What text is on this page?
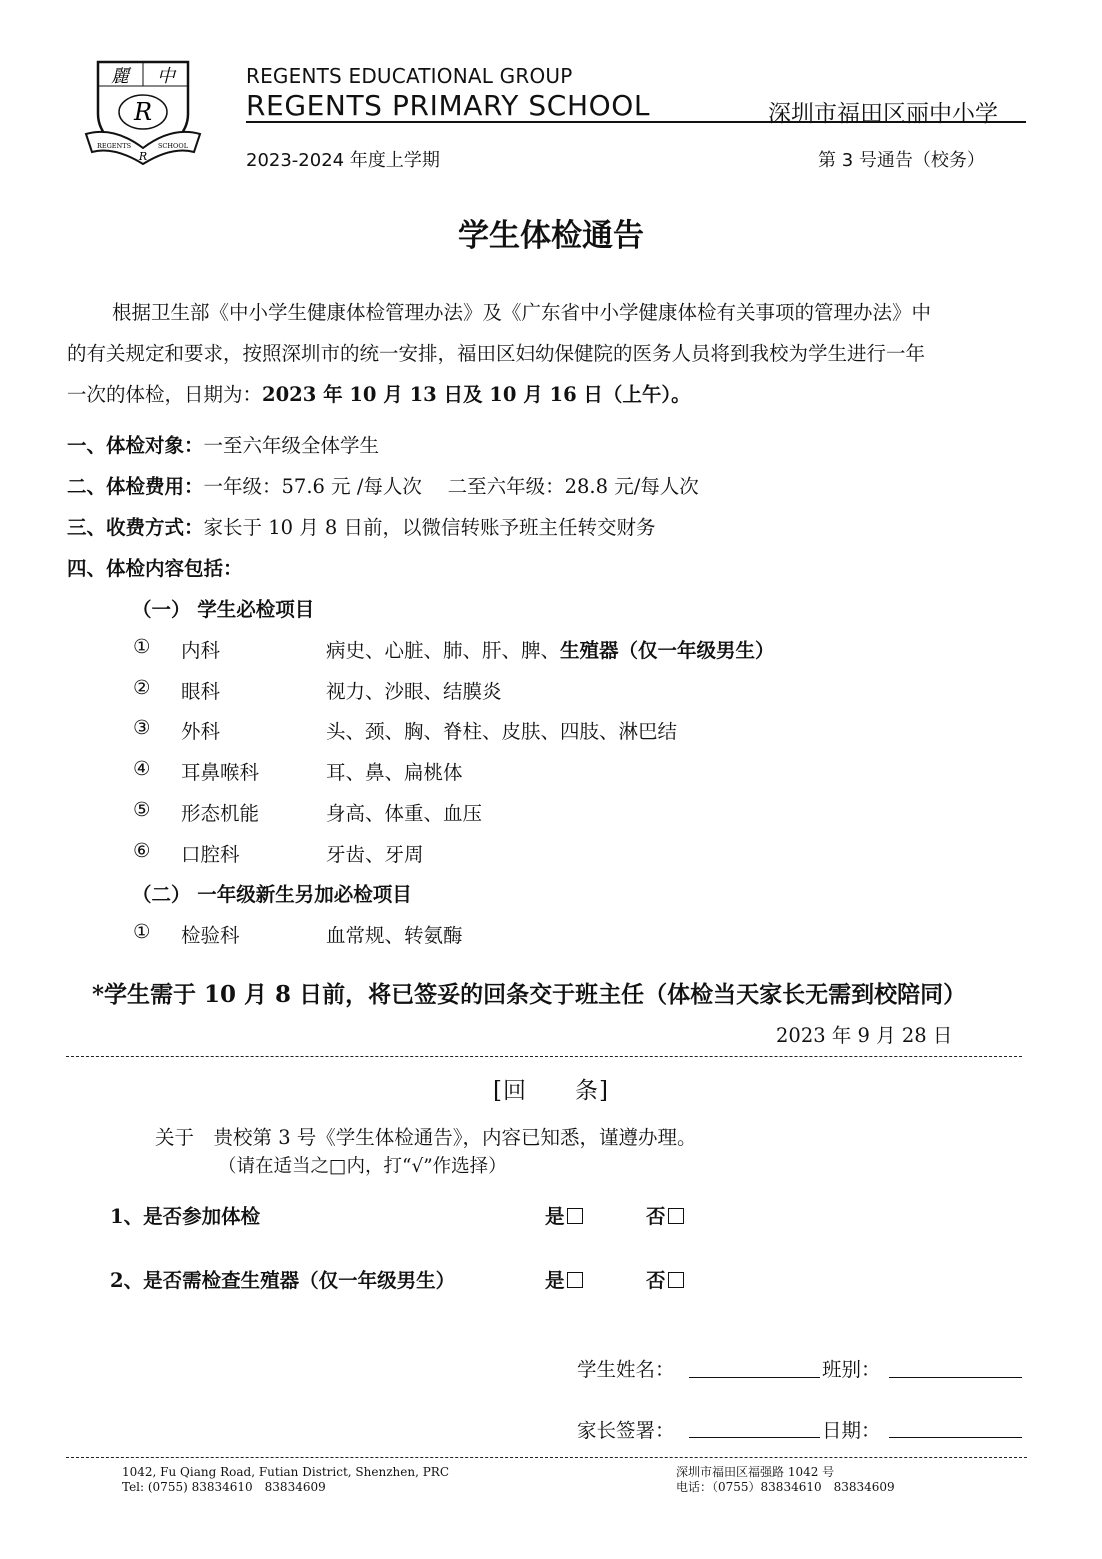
麗 中
R
REGENTS
R
SCHOOL
REGENTS EDUCATIONAL GROUP
REGENTS PRIMARY SCHOOL	深圳市福田区丽中小学
2023-2024 年度上学期	第 3 号通告（校务）
学生体检通告

根据卫生部《中小学生健康体检管理办法》及《广东省中小学健康体检有关事项的管理办法》中

的有关规定和要求，按照深圳市的统一安排，福田区妇幼保健院的医务人员将到我校为学生进行一年

一次的体检，日期为：2023 年 10 月 13 日及 10 月 16 日（上午）。

一、体检对象：一至六年级全体学生
二、体检费用：一年级：57.6 元 /每人次　 二至六年级：28.8 元/每人次
三、收费方式：家长于 10 月 8 日前，以微信转账予班主任转交财务
四、体检内容包括：
（一） 学生必检项目
① 内科	病史、心脏、肺、肝、脾、生殖器（仅一年级男生）
② 眼科	视力、沙眼、结膜炎
③ 外科	头、颈、胸、脊柱、皮肤、四肢、淋巴结
④ 耳鼻喉科	耳、鼻、扁桃体
⑤ 形态机能	身高、体重、血压
⑥ 口腔科	牙齿、牙周
（二） 一年级新生另加必检项目
① 检验科	血常规、转氨酶
*学生需于 10 月 8 日前，将已签妥的回条交于班主任（体检当天家长无需到校陪同）
2023 年 9 月 28 日
[回　　条]
关于　贵校第 3 号《学生体检通告》，内容已知悉，谨遵办理。
（请在适当之□内，打“√”作选择）
1、是否参加体检	是	否
2、是否需检查生殖器（仅一年级男生）	是	否
学生姓名：	班别：
家长签署：	日期：
1042, Fu Qiang Road, Futian District, Shenzhen, PRC
Tel: (0755) 83834610　83834609
深圳市福田区福强路 1042 号
电话：（0755）83834610　83834609
